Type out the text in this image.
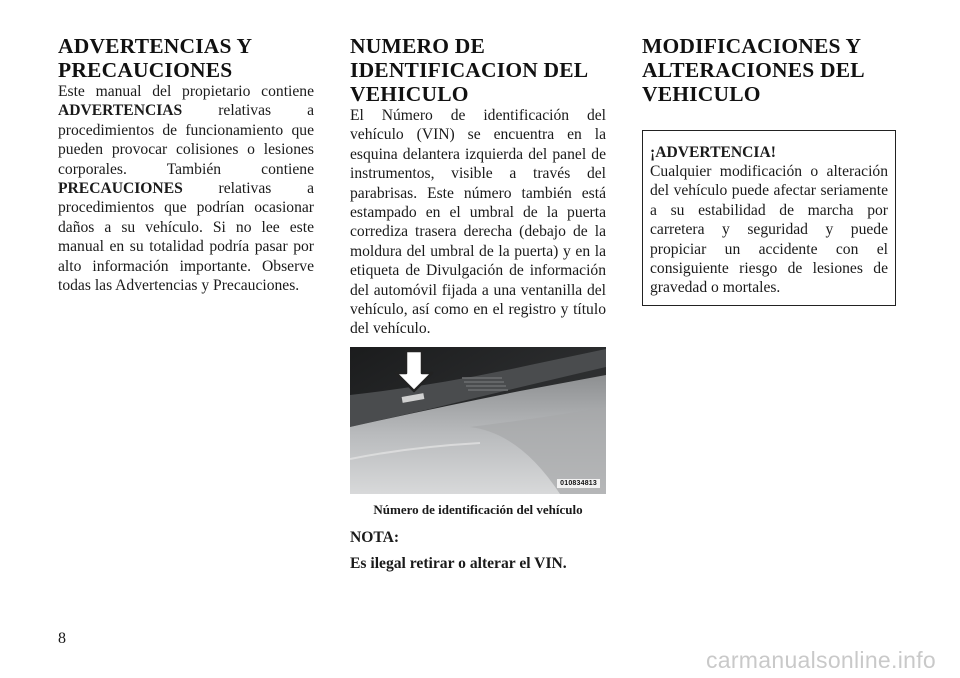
ADVERTENCIAS Y
PRECAUCIONES

Este manual del propietario contiene ADVERTENCIAS relativas a procedimientos de funcionamiento que pueden provocar colisiones o lesiones corporales. También contiene PRECAUCIONES relativas a procedimientos que podrían ocasionar daños a su vehículo. Si no lee este manual en su totalidad podría pasar por alto información importante. Observe todas las Advertencias y Precauciones.

NUMERO DE
IDENTIFICACION DEL
VEHICULO

El Número de identificación del vehículo (VIN) se encuentra en la esquina delantera izquierda del panel de instrumentos, visible a través del parabrisas. Este número también está estampado en el umbral de la puerta corrediza trasera derecha (debajo de la moldura del umbral de la puerta) y en la etiqueta de Divulgación de información del automóvil fijada a una ventanilla del vehículo, así como en el registro y título del vehículo.

010834813
Número de identificación del vehículo
NOTA:
Es ilegal retirar o alterar el VIN.
MODIFICACIONES Y
ALTERACIONES DEL
VEHICULO
¡ADVERTENCIA!

Cualquier modificación o alteración del vehículo puede afectar seriamente a su estabilidad de marcha por carretera y seguridad y puede propiciar un accidente con el consiguiente riesgo de lesiones de gravedad o mortales.

8
carmanualsonline.info
